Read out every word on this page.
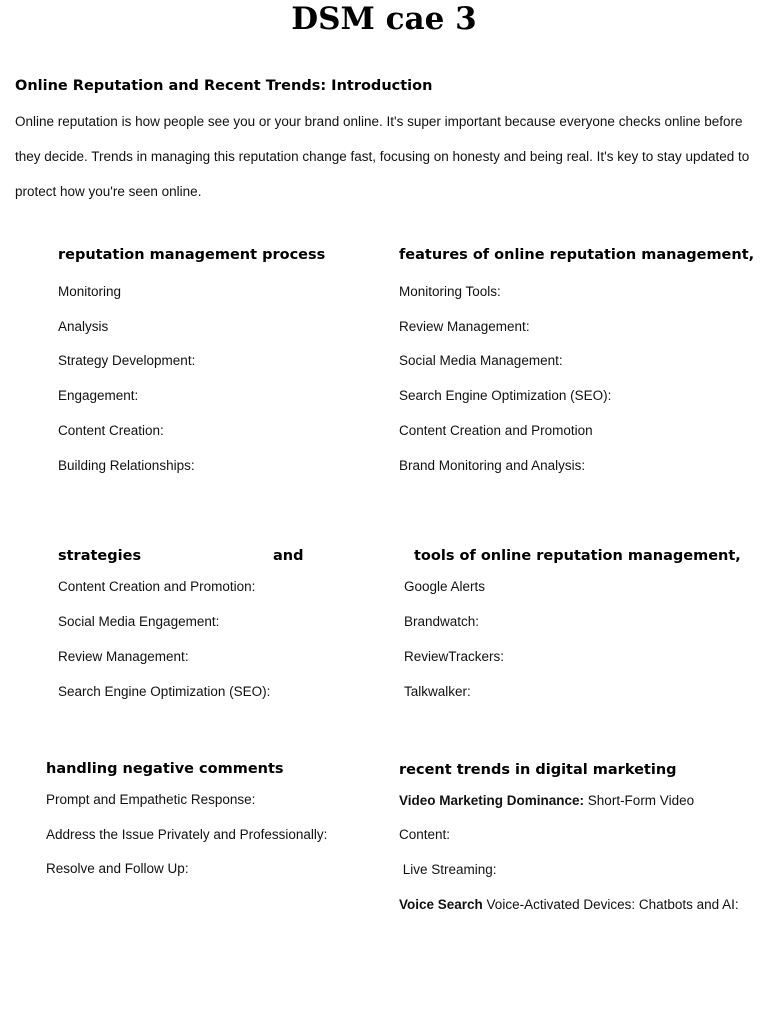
DSM cae 3
Online Reputation and Recent Trends: Introduction
Online reputation is how people see you or your brand online. It's super important because everyone checks online before they decide. Trends in managing this reputation change fast, focusing on honesty and being real. It's key to stay updated to protect how you're seen online.
reputation management process
Monitoring
Analysis
Strategy Development:
Engagement:
Content Creation:
Building Relationships:
features of online reputation management,
Monitoring Tools:
Review Management:
Social Media Management:
Search Engine Optimization (SEO):
Content Creation and Promotion
Brand Monitoring and Analysis:
strategies	and
Content Creation and Promotion:
Social Media Engagement:
Review Management:
Search Engine Optimization (SEO):
tools of online reputation management,
Google Alerts
Brandwatch:
ReviewTrackers:
Talkwalker:
handling negative comments
Prompt and Empathetic Response:
Address the Issue Privately and Professionally:
Resolve and Follow Up:
recent trends in digital marketing
Video Marketing Dominance: Short-Form Video
Content:
Live Streaming:
Voice Search Voice-Activated Devices: Chatbots and AI:
